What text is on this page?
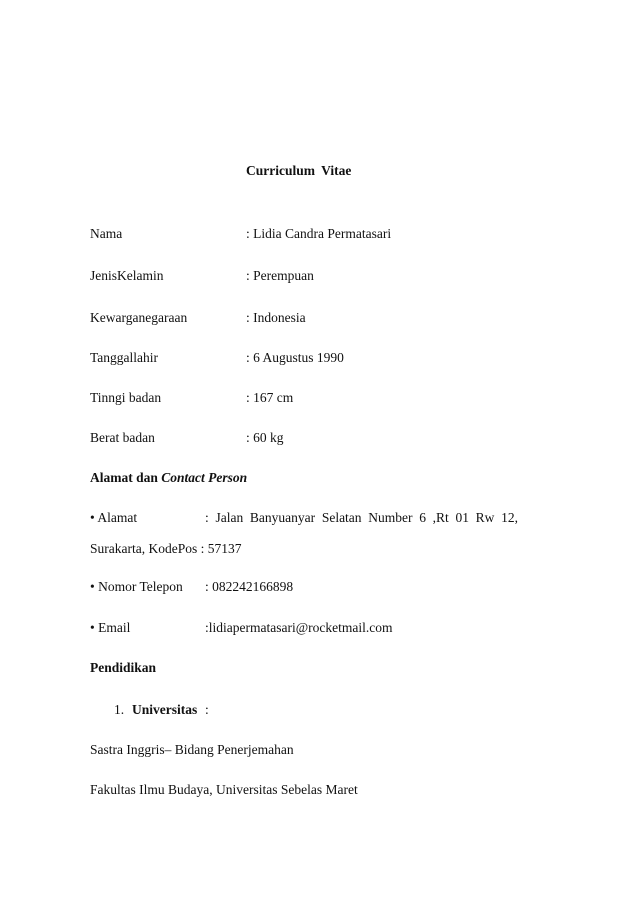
Curriculum Vitae
Nama	: Lidia Candra Permatasari
JenisKelamin	: Perempuan
Kewarganegaraan	: Indonesia
Tanggallahir	: 6 Augustus 1990
Tinngi badan	: 167 cm
Berat badan	: 60 kg
Alamat dan Contact Person
• Alamat	: Jalan Banyuanyar Selatan Number 6 ,Rt 01 Rw 12,
Surakarta, KodePos : 57137
• Nomor Telepon : 082242166898
• Email	:lidiapermatasari@rocketmail.com
Pendidikan
1. Universitas :
Sastra Inggris– Bidang Penerjemahan
Fakultas Ilmu Budaya, Universitas Sebelas Maret
